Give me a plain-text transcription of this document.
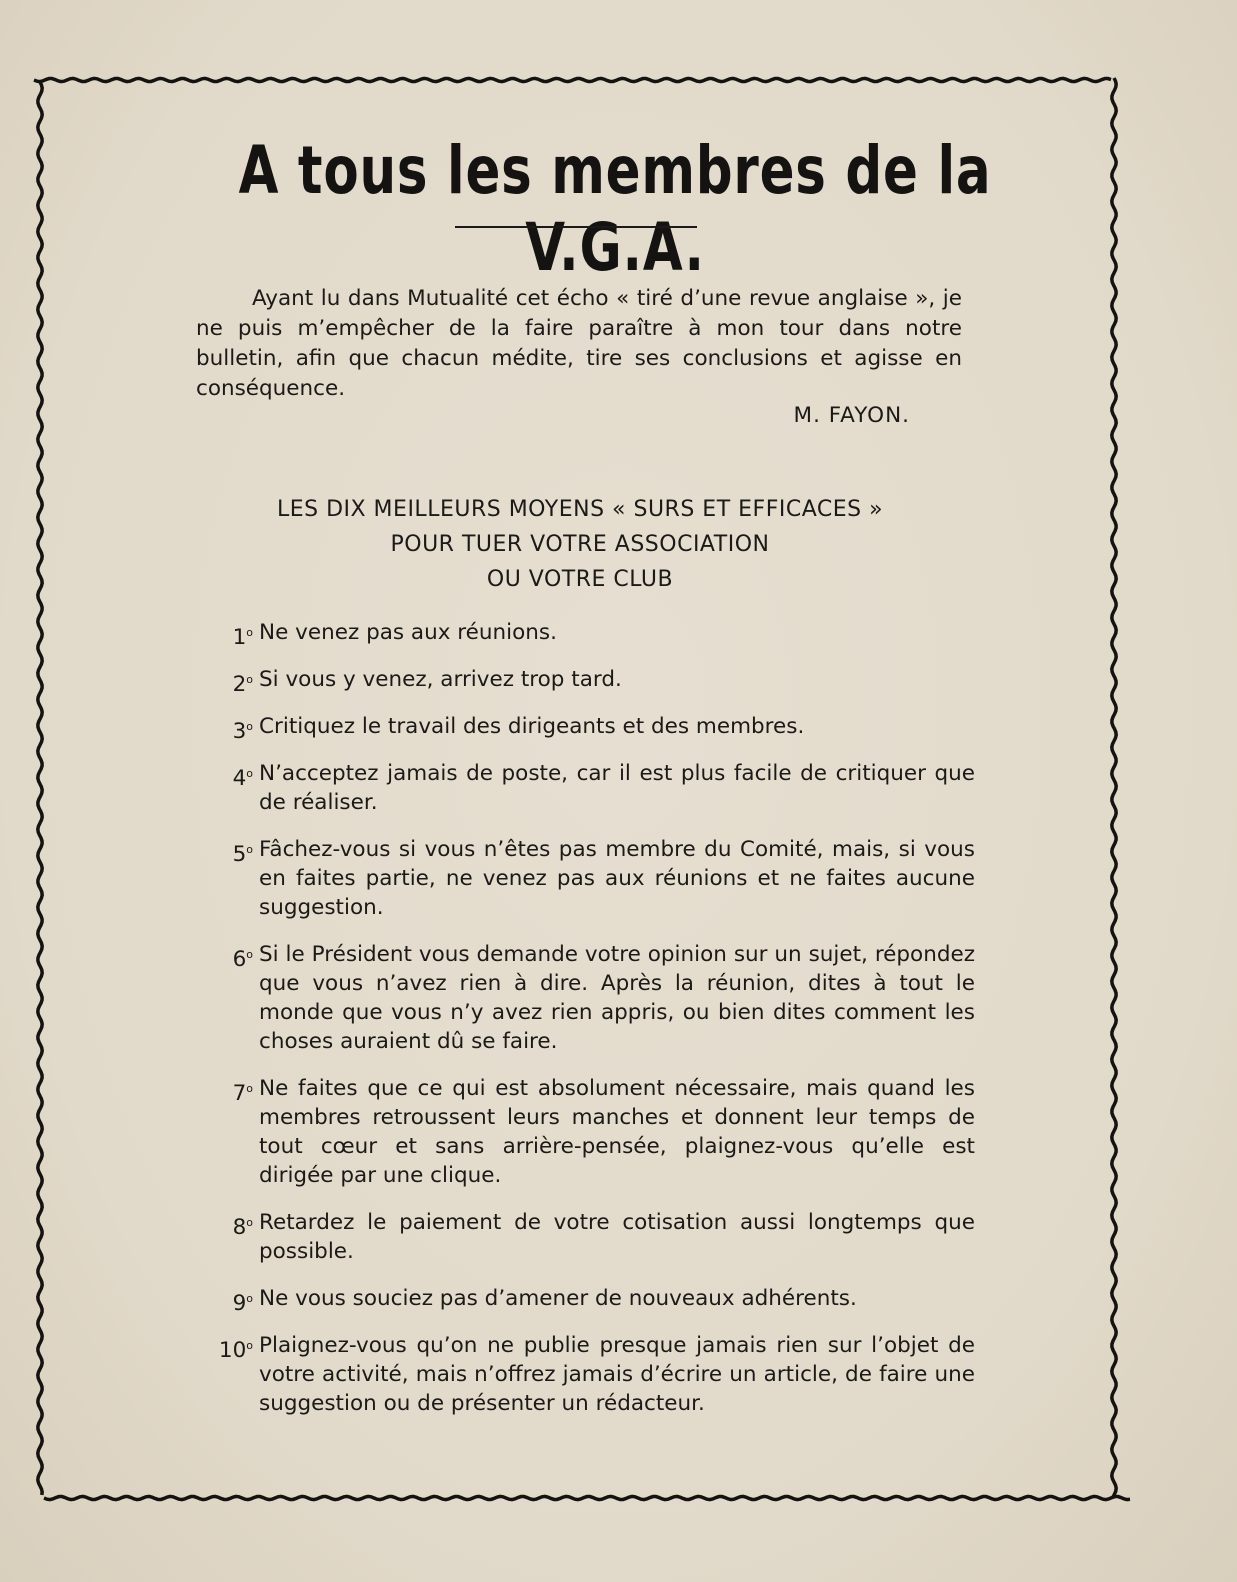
A tous les membres de la V.G.A.

Ayant lu dans Mutualité cet écho « tiré d’une revue anglaise », je ne puis m’empêcher de la faire paraître à mon tour dans notre bulletin, afin que chacun médite, tire ses conclusions et agisse en conséquence.

M. FAYON.

LES DIX MEILLEURS MOYENS « SURS ET EFFICACES »
POUR TUER VOTRE ASSOCIATION
OU VOTRE CLUB
1$^o$ Ne venez pas aux réunions.
2$^o$ Si vous y venez, arrivez trop tard.
3$^o$ Critiquez le travail des dirigeants et des membres.
4$^o$ N’acceptez jamais de poste, car il est plus facile de critiquer que de réaliser.
5$^o$ Fâchez-vous si vous n’êtes pas membre du Comité, mais, si vous en faites partie, ne venez pas aux réunions et ne faites aucune suggestion.
6$^o$ Si le Président vous demande votre opinion sur un sujet, répondez que vous n’avez rien à dire. Après la réunion, dites à tout le monde que vous n’y avez rien appris, ou bien dites comment les choses auraient dû se faire.
7$^o$ Ne faites que ce qui est absolument nécessaire, mais quand les membres retroussent leurs manches et donnent leur temps de tout cœur et sans arrière-pensée, plaignez-vous qu’elle est dirigée par une clique.
8$^o$ Retardez le paiement de votre cotisation aussi longtemps que possible.
9$^o$ Ne vous souciez pas d’amener de nouveaux adhérents.
10$^o$ Plaignez-vous qu’on ne publie presque jamais rien sur l’objet de votre activité, mais n’offrez jamais d’écrire un article, de faire une suggestion ou de présenter un rédacteur.
